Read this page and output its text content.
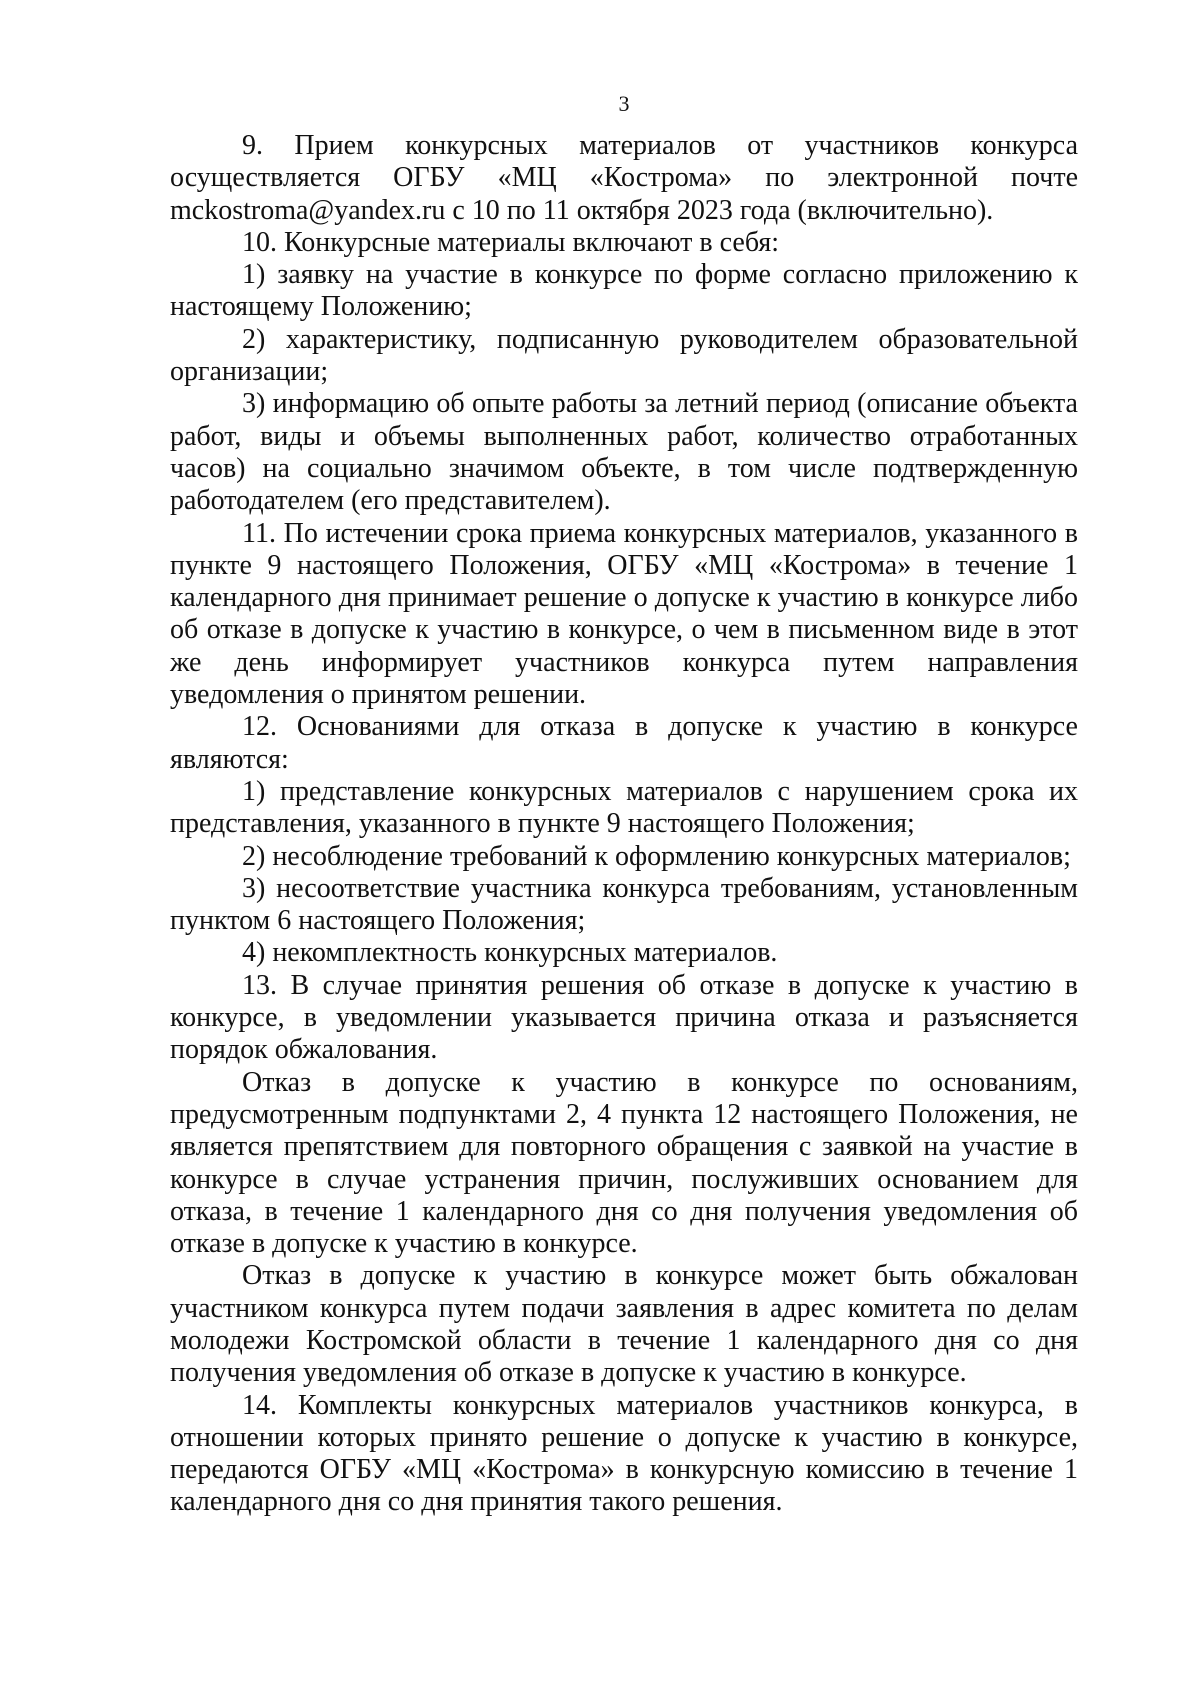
3

9. Прием конкурсных материалов от участников конкурса осуществляется ОГБУ «МЦ «Кострома» по электронной почте mckostroma@yandex.ru с 10 по 11 октября 2023 года (включительно).

10. Конкурсные материалы включают в себя:

1) заявку на участие в конкурсе по форме согласно приложению к настоящему Положению;

2) характеристику, подписанную руководителем образовательной организации;

3) информацию об опыте работы за летний период (описание объекта работ, виды и объемы выполненных работ, количество отработанных часов) на социально значимом объекте, в том числе подтвержденную работодателем (его представителем).

11. По истечении срока приема конкурсных материалов, указанного в пункте 9 настоящего Положения, ОГБУ «МЦ «Кострома» в течение 1 календарного дня принимает решение о допуске к участию в конкурсе либо об отказе в допуске к участию в конкурсе, о чем в письменном виде в этот же день информирует участников конкурса путем направления уведомления о принятом решении.

12. Основаниями для отказа в допуске к участию в конкурсе являются:

1) представление конкурсных материалов с нарушением срока их представления, указанного в пункте 9 настоящего Положения;

2) несоблюдение требований к оформлению конкурсных материалов;

3) несоответствие участника конкурса требованиям, установленным пунктом 6 настоящего Положения;

4) некомплектность конкурсных материалов.

13. В случае принятия решения об отказе в допуске к участию в конкурсе, в уведомлении указывается причина отказа и разъясняется порядок обжалования.

Отказ в допуске к участию в конкурсе по основаниям, предусмотренным подпунктами 2, 4 пункта 12 настоящего Положения, не является препятствием для повторного обращения с заявкой на участие в конкурсе в случае устранения причин, послуживших основанием для отказа, в течение 1 календарного дня со дня получения уведомления об отказе в допуске к участию в конкурсе.

Отказ в допуске к участию в конкурсе может быть обжалован участником конкурса путем подачи заявления в адрес комитета по делам молодежи Костромской области в течение 1 календарного дня со дня получения уведомления об отказе в допуске к участию в конкурсе.

14. Комплекты конкурсных материалов участников конкурса, в отношении которых принято решение о допуске к участию в конкурсе, передаются ОГБУ «МЦ «Кострома» в конкурсную комиссию в течение 1 календарного дня со дня принятия такого решения.
